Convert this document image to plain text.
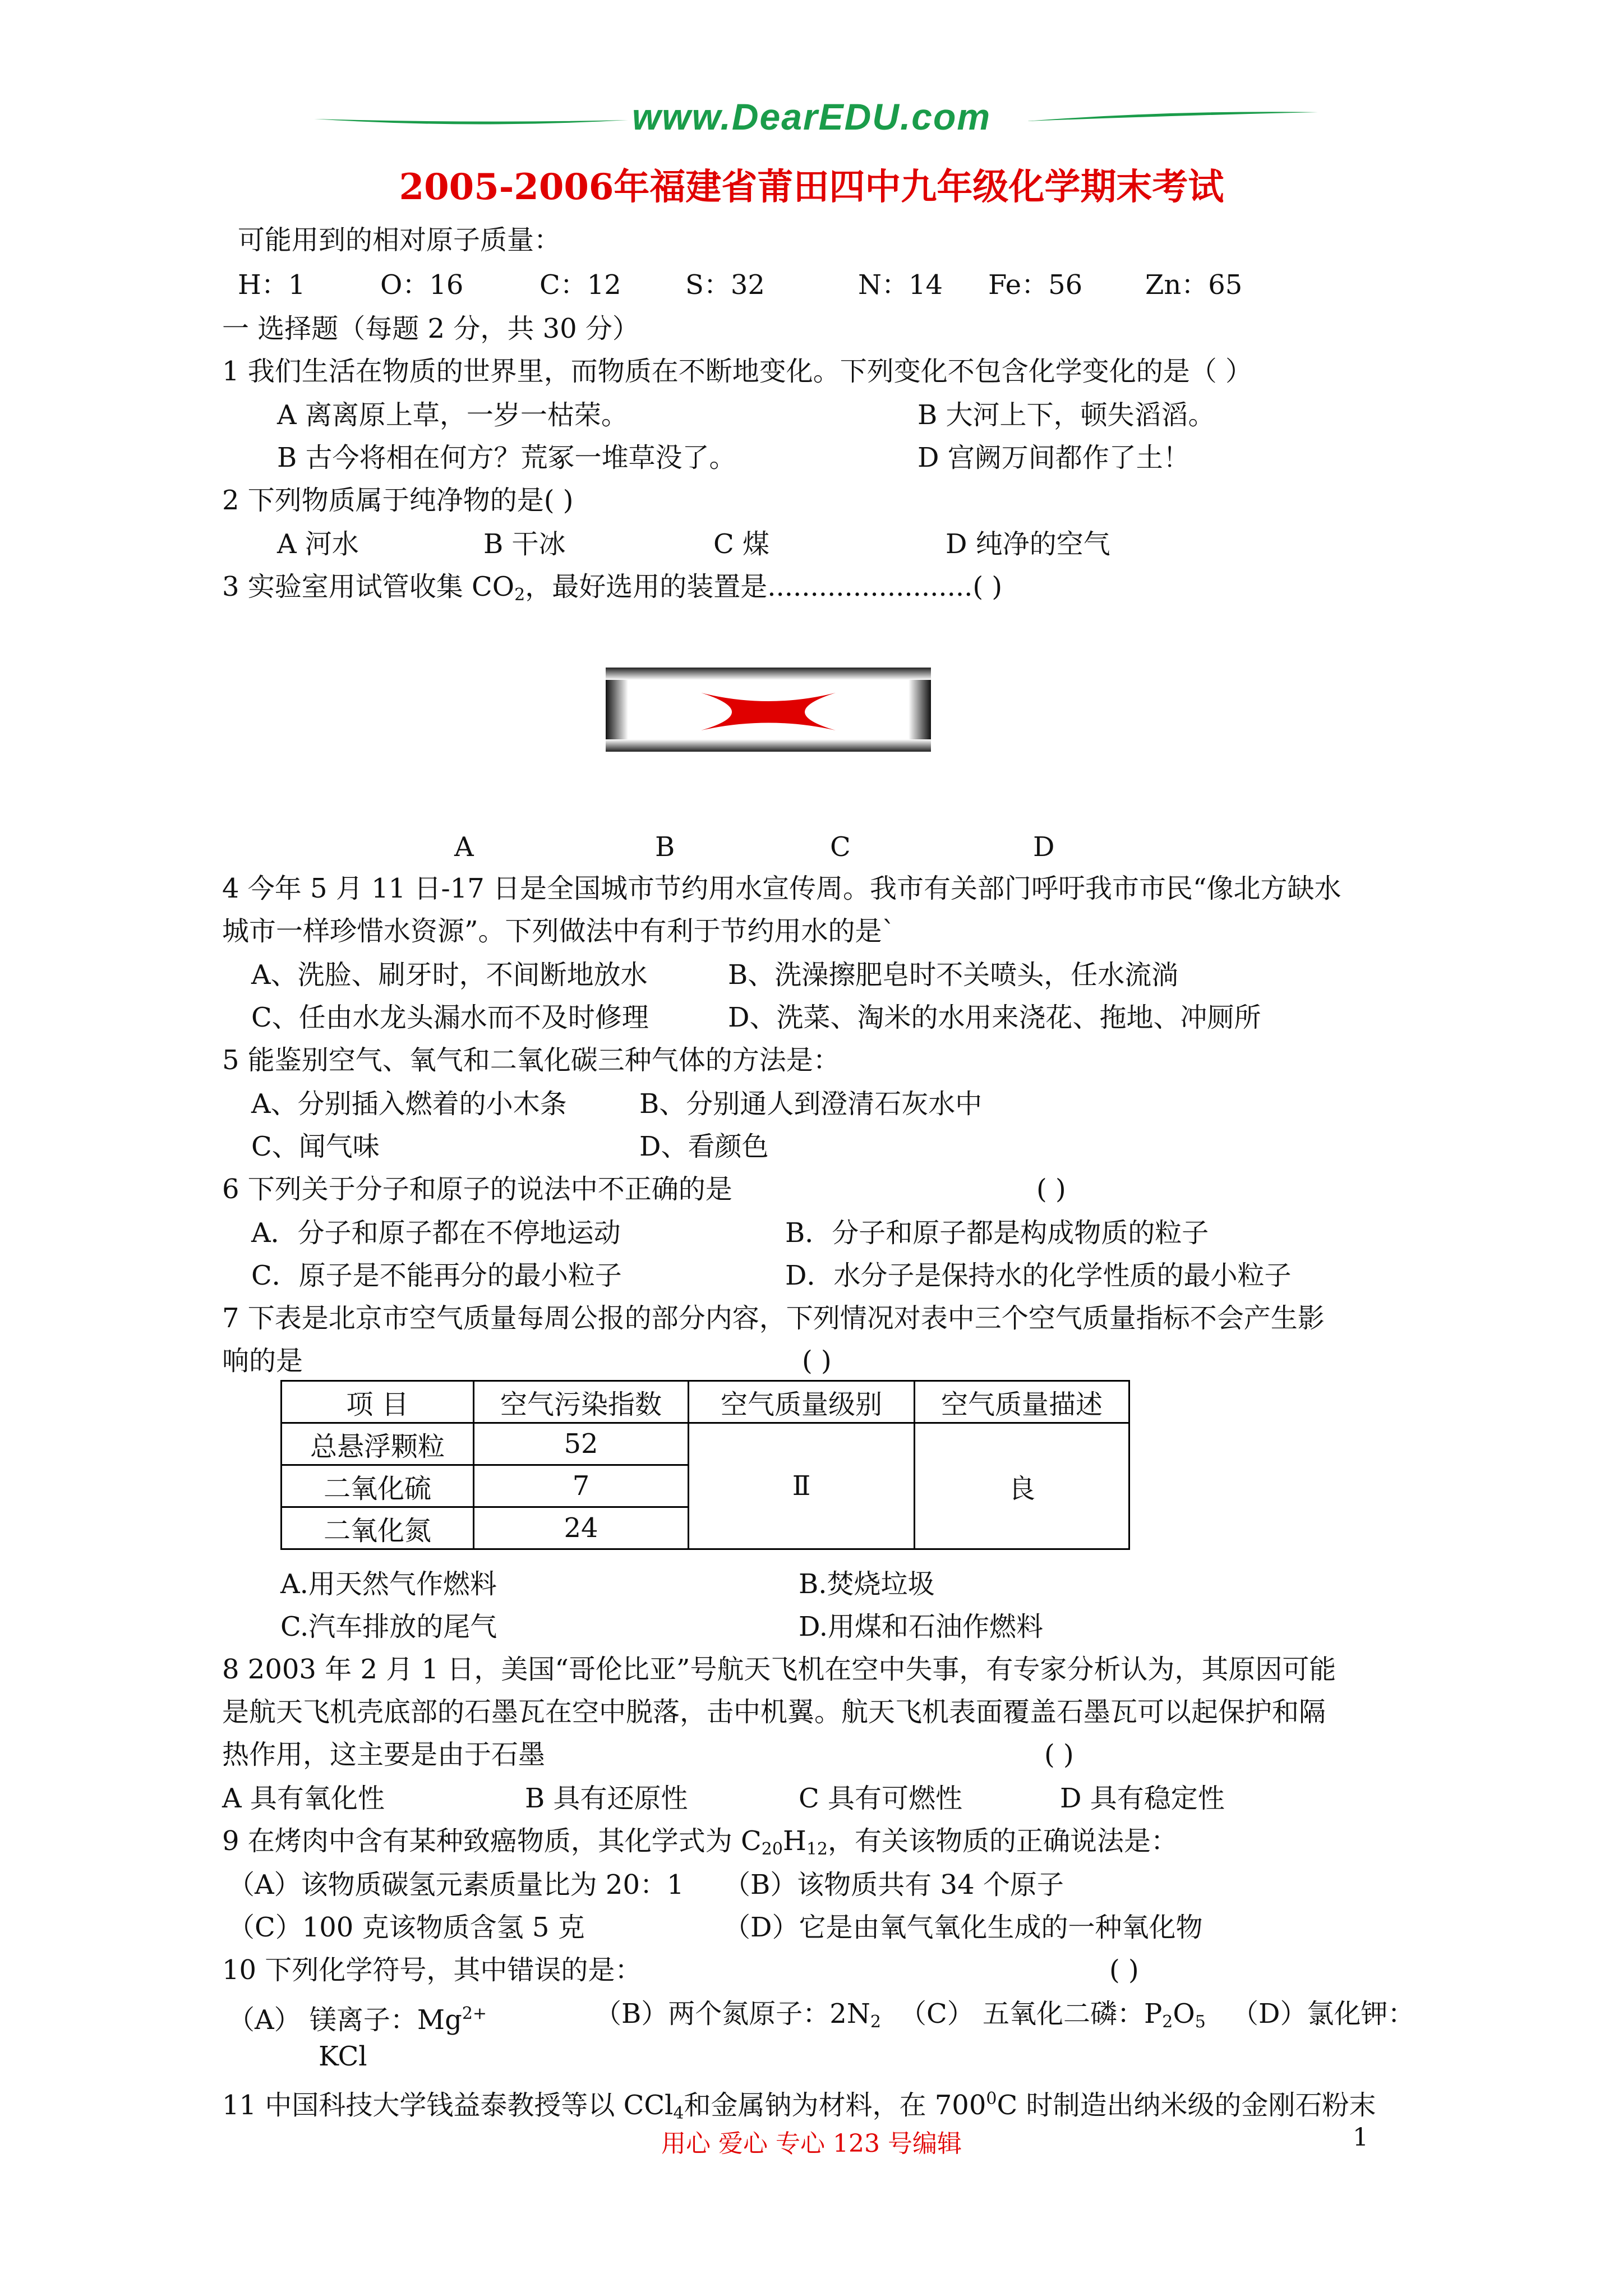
www.DearEDU.com
2005-2006年福建省莆田四中九年级化学期末考试
可能用到的相对原子质量：
H：1	O：16	C：12 S：32	N：14 Fe：56 Zn：65
一 选择题（每题 2 分，共 30 分）
1 我们生活在物质的世界里，而物质在不断地变化。下列变化不包含化学变化的是（ ）
A 离离原上草，一岁一枯荣。	B 大河上下，顿失滔滔。
B 古今将相在何方？荒冢一堆草没了。	D 宫阙万间都作了土！
2 下列物质属于纯净物的是( )
A 河水	B 干冰	C 煤	D 纯净的空气
3 实验室用试管收集 $CO_2$，最好选用的装置是........................( )
A	B	C	D
4 今年 5 月 11 日-17 日是全国城市节约用水宣传周。我市有关部门呼吁我市市民“像北方缺水
城市一样珍惜水资源”。下列做法中有利于节约用水的是`
A、洗脸、刷牙时，不间断地放水	B、洗澡擦肥皂时不关喷头，任水流淌
C、任由水龙头漏水而不及时修理	D、洗菜、淘米的水用来浇花、拖地、冲厕所
5 能鉴别空气、氧气和二氧化碳三种气体的方法是：
A、分别插入燃着的小木条	B、分别通人到澄清石灰水中
C、闻气味	D、看颜色
6 下列关于分子和原子的说法中不正确的是	( )
A．分子和原子都在不停地运动	B．分子和原子都是构成物质的粒子
C．原子是不能再分的最小粒子	D．水分子是保持水的化学性质的最小粒子
7 下表是北京市空气质量每周公报的部分内容，下列情况对表中三个空气质量指标不会产生影
响的是	( )
项 目	空气污染指数	空气质量级别	空气质量描述
总悬浮颗粒	52	Ⅱ	良
二氧化硫	7		
二氧化氮	24		
A.用天然气作燃料	B.焚烧垃圾
C.汽车排放的尾气	D.用煤和石油作燃料
8 2003 年 2 月 1 日，美国“哥伦比亚”号航天飞机在空中失事，有专家分析认为，其原因可能
是航天飞机壳底部的石墨瓦在空中脱落，击中机翼。航天飞机表面覆盖石墨瓦可以起保护和隔
热作用，这主要是由于石墨	( )
A 具有氧化性	B 具有还原性	C 具有可燃性	D 具有稳定性
9 在烤肉中含有某种致癌物质，其化学式为 $C_{20}H_{12}$，有关该物质的正确说法是：
（A）该物质碳氢元素质量比为 20：1 （B）该物质共有 34 个原子
（C）100 克该物质含氢 5 克	（D）它是由氧气氧化生成的一种氧化物
10 下列化学符号，其中错误的是：	( )
（A） 镁离子：$Mg^{2+}$	（B）两个氮原子：$2N_2$ （C） 五氧化二磷：$P_2O_5$ （D）氯化钾：
KCl
11 中国科技大学钱益泰教授等以 CCl$_4$和金属钠为材料，在 $700^0C$ 时制造出纳米级的金刚石粉末
用心 爱心 专心 123 号编辑	1
